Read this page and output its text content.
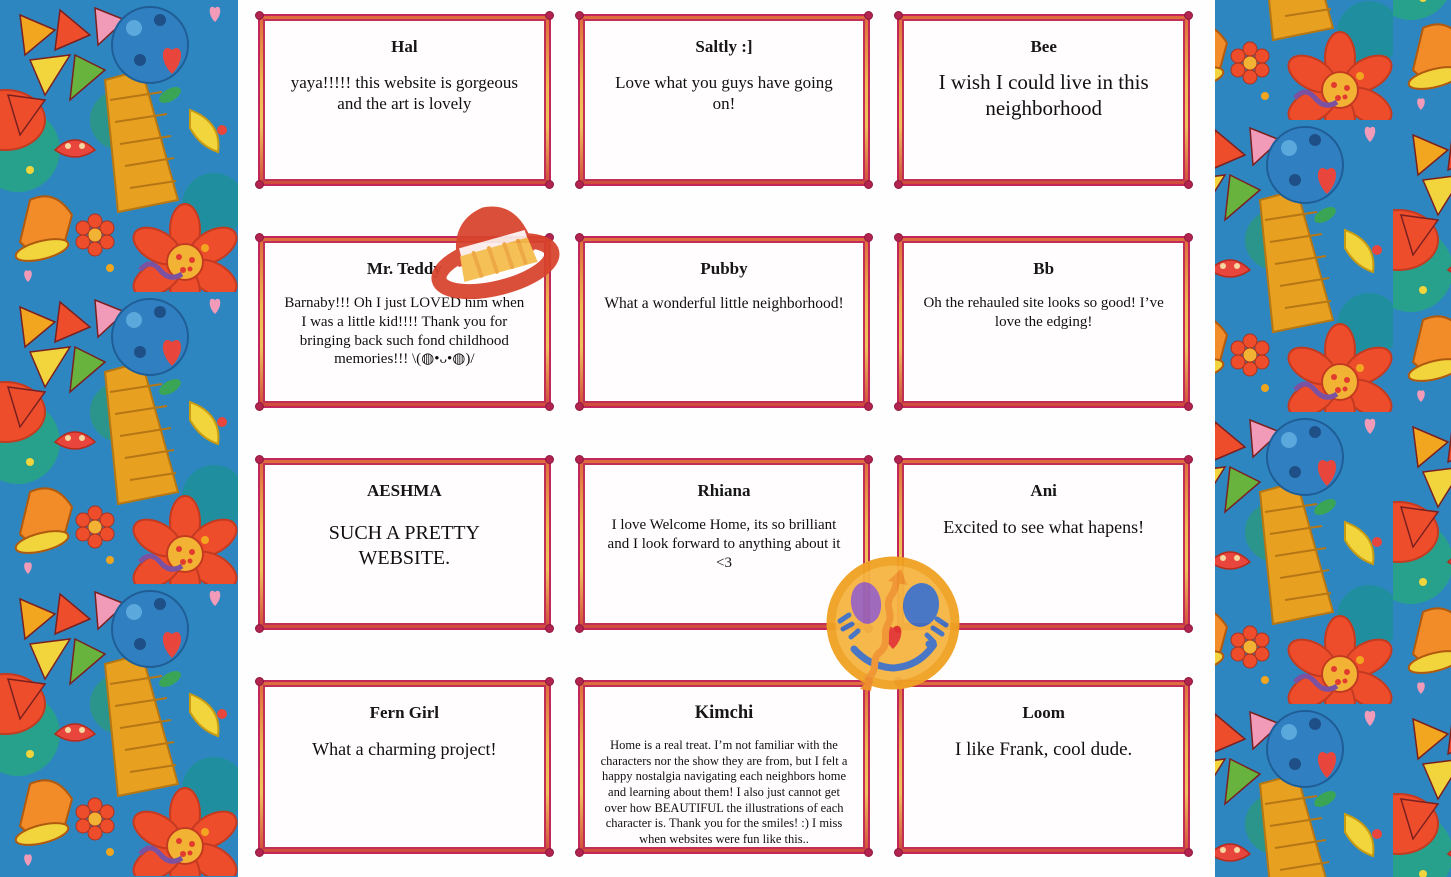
Hal

yaya!!!!! this website is gorgeous and the art is lovely

Saltly :]

Love what you guys have going on!

Bee

I wish I could live in this neighborhood

Mr. Teddy

Barnaby!!! Oh I just LOVED him when I was a little kid!!!! Thank you for bringing back such fond childhood memories!!! \(◍•ᴗ•◍)/

Pubby

What a wonderful little neighborhood!

Bb

Oh the rehauled site looks so good! I’ve love the edging!

AESHMA

SUCH A PRETTY WEBSITE.

Rhiana

I love Welcome Home, its so brilliant and I look forward to anything about it <3

Ani

Excited to see what hapens!

Fern Girl

What a charming project!

Kimchi

Home is a real treat. I’m not familiar with the characters nor the show they are from, but I felt a happy nostalgia navigating each neighbors home and learning about them! I also just cannot get over how BEAUTIFUL the illustrations of each character is. Thank you for the smiles! :) I miss when websites were fun like this..

Loom

I like Frank, cool dude.
